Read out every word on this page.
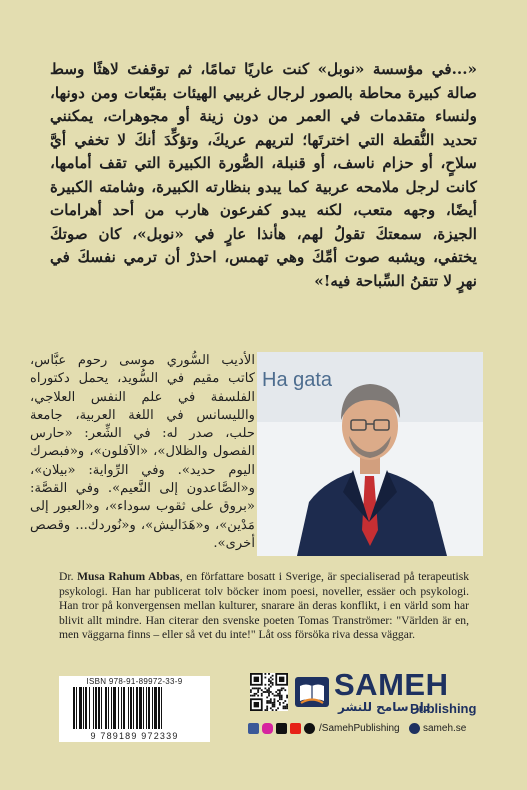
«...في مؤسسة «نوبل» كنت عاريًا تمامًا، ثم توقفتَ لاهثًا وسط صالة كبيرة محاطة بالصور لرجال غربيي الهيئات بقبّعات ومن دونها، ولنساء متقدمات في العمر من دون زينة أو مجوهرات، يمكنني تحديد النُّقطة التي اخترتَها؛ لتريهم عريكَ، وتؤكِّدَ أنكَ لا تخفي أيَّ سلاحٍ، أو حزام ناسف، أو قنبلة، الصُّورة الكبيرة التي تقف أمامها، كانت لرجل ملامحه عربية كما يبدو بنظارته الكبيرة، وشامته الكبيرة أيضًا، وجهه متعب، لكنه يبدو كفرعون هارب من أحد أهرامات الجيزة، سمعتكَ تقولُ لهم، هأنذا عارٍ في «نوبل»، كان صوتكَ يختفي، ويشبه صوت أمِّكَ وهي تهمس، احذرْ أن ترمي نفسكَ في نهرٍ لا تتقنُ السِّباحة فيه!»

الأديب السُّوري موسى رحوم عبَّاس، كاتب مقيم في السُّويد، يحمل دكتوراه الفلسفة في علم النفس العلاجي، والليسانس في اللغة العربية، جامعة حلب، صدر له: في الشِّعر: «حارس الفصول والظلال»، «الآفلون»، و«فبصرك اليوم حديد». وفي الرِّواية: «بيلان»، و«الصَّاعدون إلى النَّعيم». وفي القصَّة: «بروق على ثقوب سوداء»، و«العبور إلى مَدْين»، و«هَدَاليش»، و«نُوردك... وقصص أخرى».

Ha gata

Dr. Musa Rahum Abbas, en författare bosatt i Sverige, är specialiserad på terapeutisk psykologi. Han har publicerat tolv böcker inom poesi, noveller, essäer och psykologi. Han tror på konvergensen mellan kulturer, snarare än deras konflikt, i en värld som har blivit allt mindre. Han citerar den svenske poeten Tomas Tranströmer: "Världen är en, men väggarna finns – eller så vet du inte!" Låt oss försöka riva dessa väggar.

ISBN 978-91-89972-33-9
9 789189 972339
SAMEH
دار سامح للنشر
Publishing
/SamehPublishing sameh.se
